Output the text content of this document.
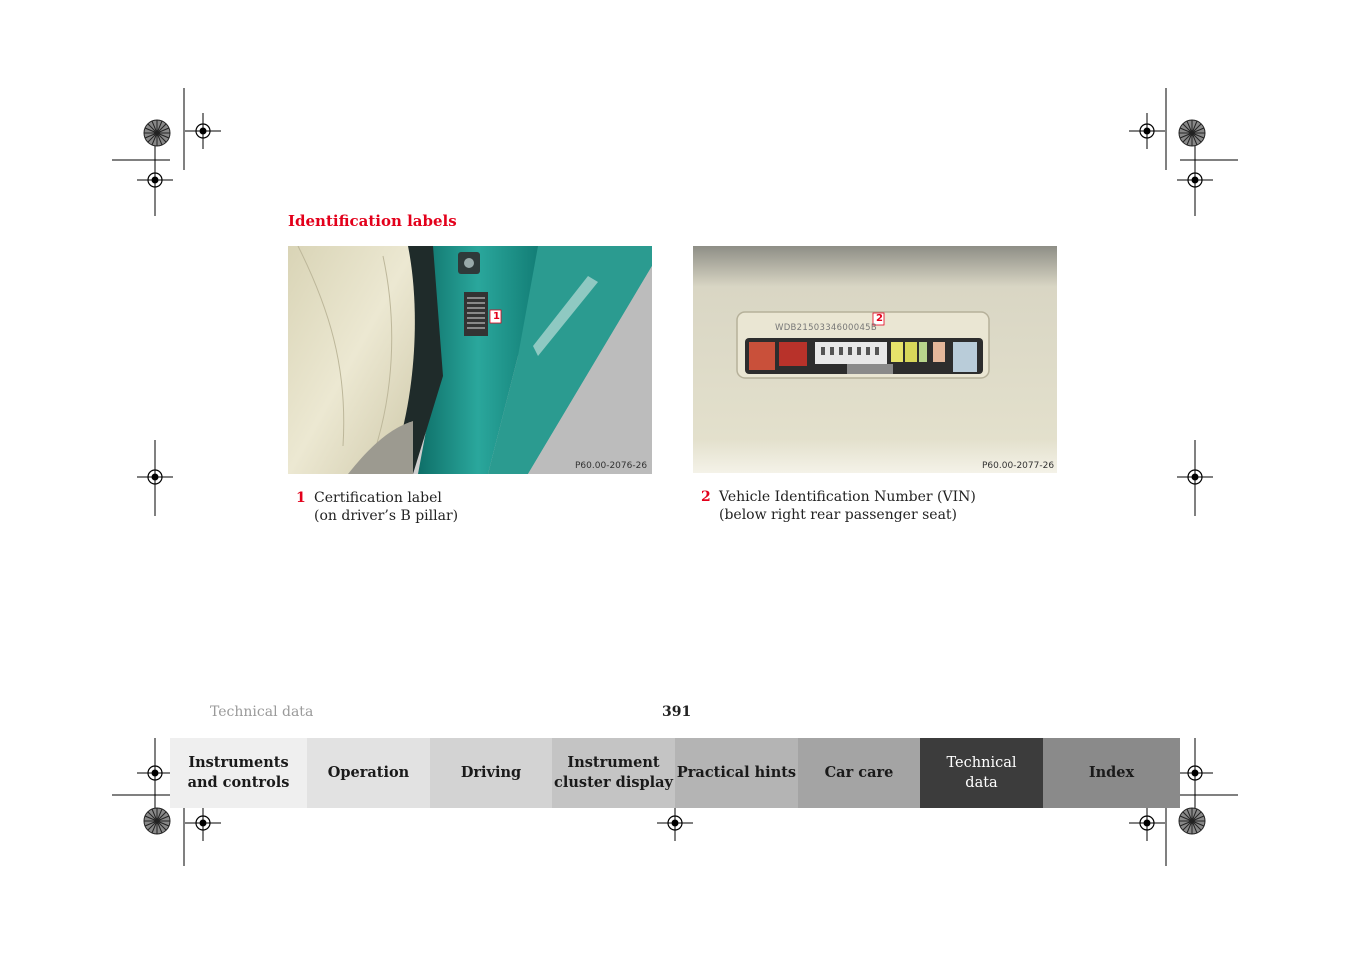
Identification labels
1
P60.00-2076-26
WDB2150334600045B
2
P60.00-2077-26
1 Certification label
(on driver’s B pillar)
2 Vehicle Identification Number (VIN)
(below right rear passenger seat)
Technical data	391
Instruments
and controls
Operation	Driving
Instrument
cluster display
Practical hints Car care
Technical
data
Index
